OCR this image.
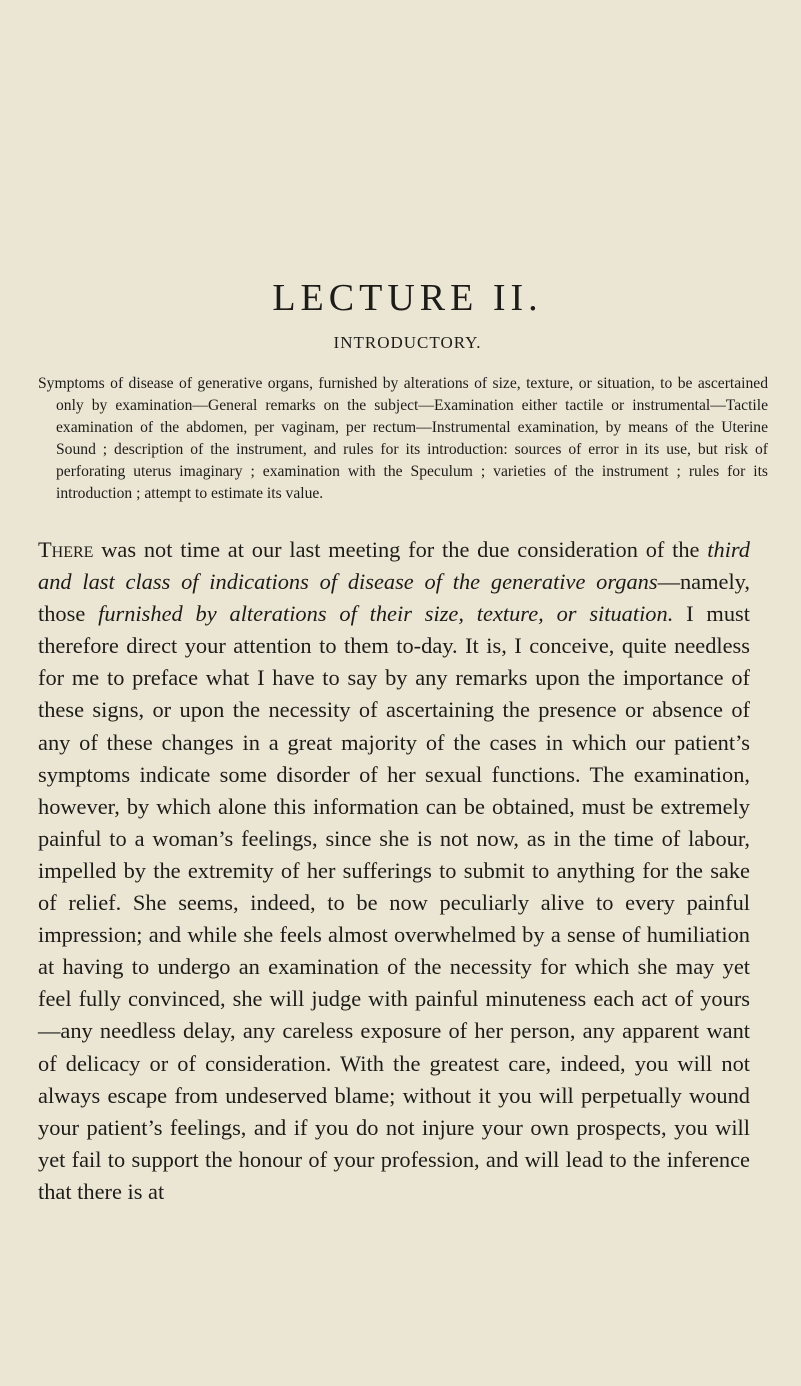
LECTURE II.
INTRODUCTORY.

Symptoms of disease of generative organs, furnished by alterations of size, texture, or situation, to be ascertained only by examination—General remarks on the subject—Examination either tactile or instrumental—Tactile examination of the abdomen, per vaginam, per rectum—Instrumental examination, by means of the Uterine Sound ; description of the instrument, and rules for its introduction: sources of error in its use, but risk of perforating uterus imaginary ; examination with the Speculum ; varieties of the instrument ; rules for its introduction ; attempt to estimate its value.

There was not time at our last meeting for the due consideration of the third and last class of indications of disease of the generative organs—namely, those furnished by alterations of their size, texture, or situation. I must therefore direct your attention to them to-day. It is, I conceive, quite needless for me to preface what I have to say by any remarks upon the importance of these signs, or upon the necessity of ascertaining the presence or absence of any of these changes in a great majority of the cases in which our patient’s symptoms indicate some disorder of her sexual functions. The examination, however, by which alone this information can be obtained, must be extremely painful to a woman’s feelings, since she is not now, as in the time of labour, impelled by the extremity of her sufferings to submit to anything for the sake of relief. She seems, indeed, to be now peculiarly alive to every painful impression; and while she feels almost overwhelmed by a sense of humiliation at having to undergo an examination of the necessity for which she may yet feel fully convinced, she will judge with painful minuteness each act of yours—any needless delay, any careless exposure of her person, any apparent want of delicacy or of consideration. With the greatest care, indeed, you will not always escape from undeserved blame; without it you will perpetually wound your patient’s feelings, and if you do not injure your own prospects, you will yet fail to support the honour of your profession, and will lead to the inference that there is at
